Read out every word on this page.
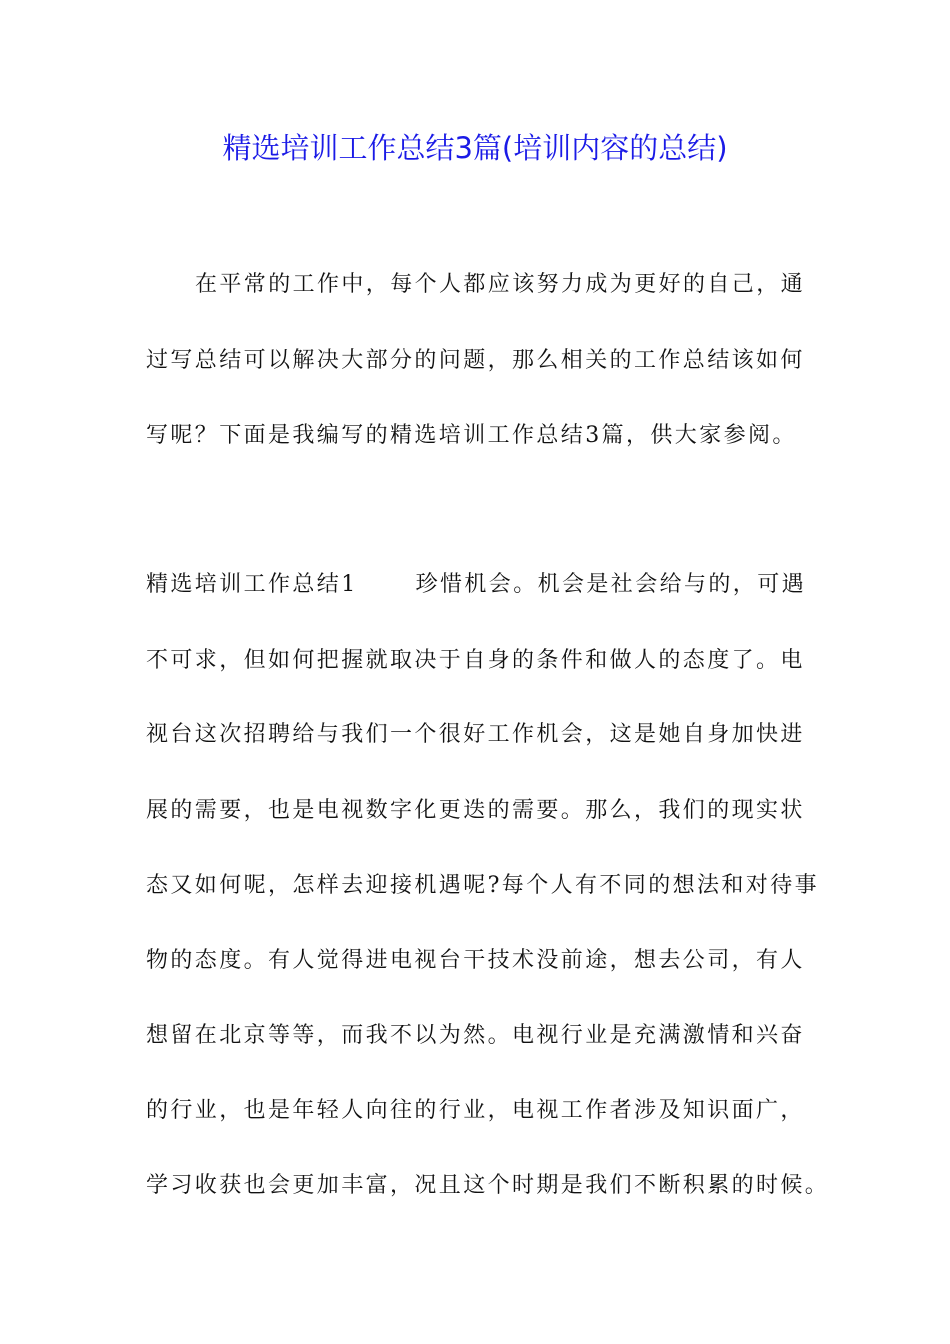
精选培训工作总结3篇(培训内容的总结)

在平常的工作中，每个人都应该努力成为更好的自己，通

过写总结可以解决大部分的问题，那么相关的工作总结该如何

写呢？下面是我编写的精选培训工作总结3篇，供大家参阅。

精选培训工作总结1	珍惜机会。机会是社会给与的，可遇

不可求，但如何把握就取决于自身的条件和做人的态度了。电

视台这次招聘给与我们一个很好工作机会，这是她自身加快进

展的需要，也是电视数字化更迭的需要。那么，我们的现实状

态又如何呢，怎样去迎接机遇呢?每个人有不同的想法和对待事

物的态度。有人觉得进电视台干技术没前途，想去公司，有人

想留在北京等等，而我不以为然。电视行业是充满激情和兴奋

的行业，也是年轻人向往的行业，电视工作者涉及知识面广，

学习收获也会更加丰富，况且这个时期是我们不断积累的时候。
